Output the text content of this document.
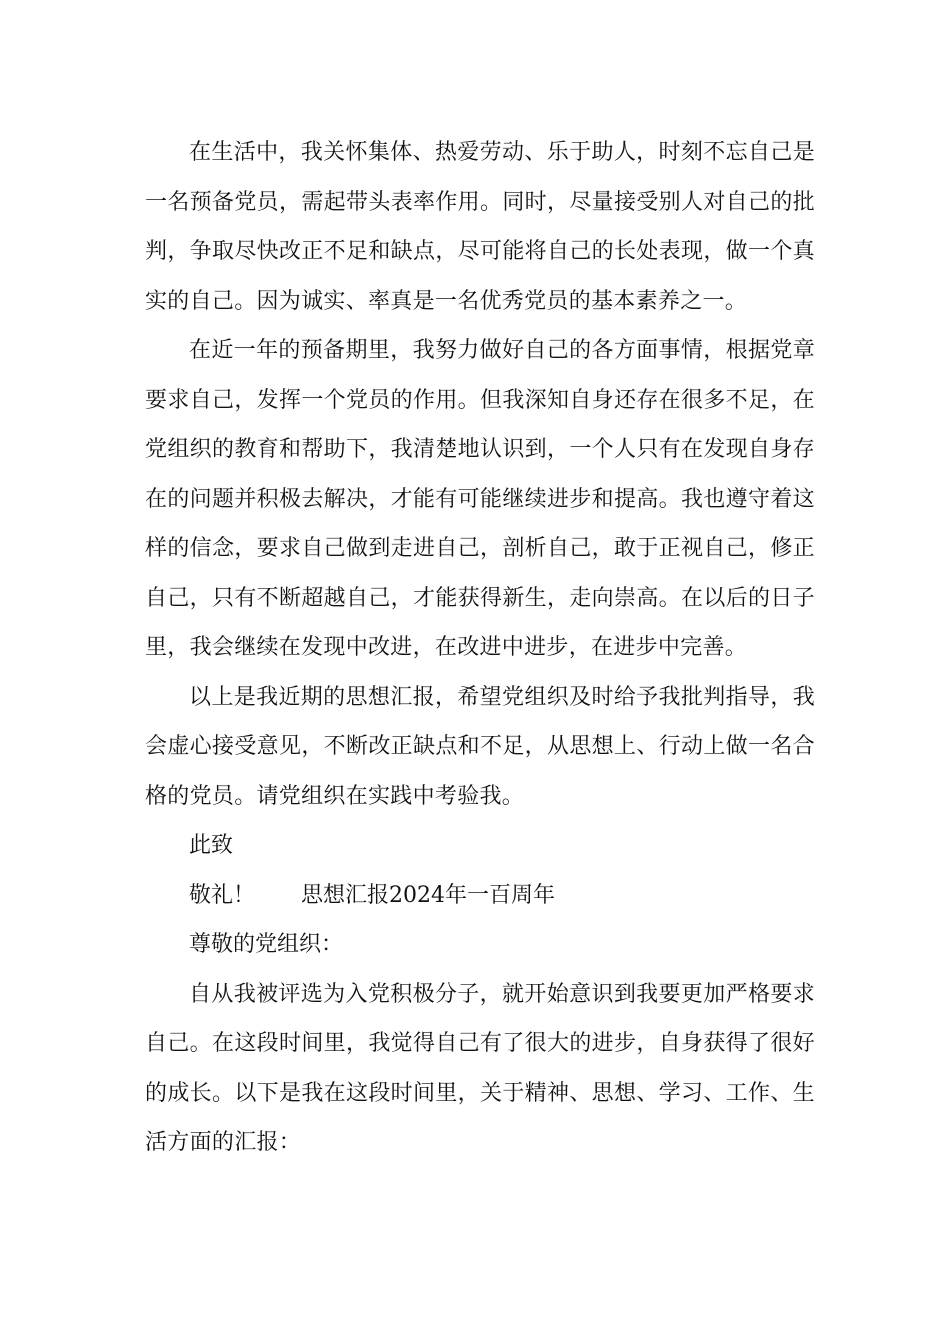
在生活中，我关怀集体、热爱劳动、乐于助人，时刻不忘自己是一名预备党员，需起带头表率作用。同时，尽量接受别人对自己的批判，争取尽快改正不足和缺点，尽可能将自己的长处表现，做一个真实的自己。因为诚实、率真是一名优秀党员的基本素养之一。

在近一年的预备期里，我努力做好自己的各方面事情，根据党章要求自己，发挥一个党员的作用。但我深知自身还存在很多不足，在党组织的教育和帮助下，我清楚地认识到，一个人只有在发现自身存在的问题并积极去解决，才能有可能继续进步和提高。我也遵守着这样的信念，要求自己做到走进自己，剖析自己，敢于正视自己，修正自己，只有不断超越自己，才能获得新生，走向崇高。在以后的日子里，我会继续在发现中改进，在改进中进步，在进步中完善。

以上是我近期的思想汇报，希望党组织及时给予我批判指导，我会虚心接受意见，不断改正缺点和不足，从思想上、行动上做一名合格的党员。请党组织在实践中考验我。

此致

敬礼！ 思想汇报2024年一百周年

尊敬的党组织：

自从我被评选为入党积极分子，就开始意识到我要更加严格要求自己。在这段时间里，我觉得自己有了很大的进步，自身获得了很好的成长。以下是我在这段时间里，关于精神、思想、学习、工作、生活方面的汇报：
